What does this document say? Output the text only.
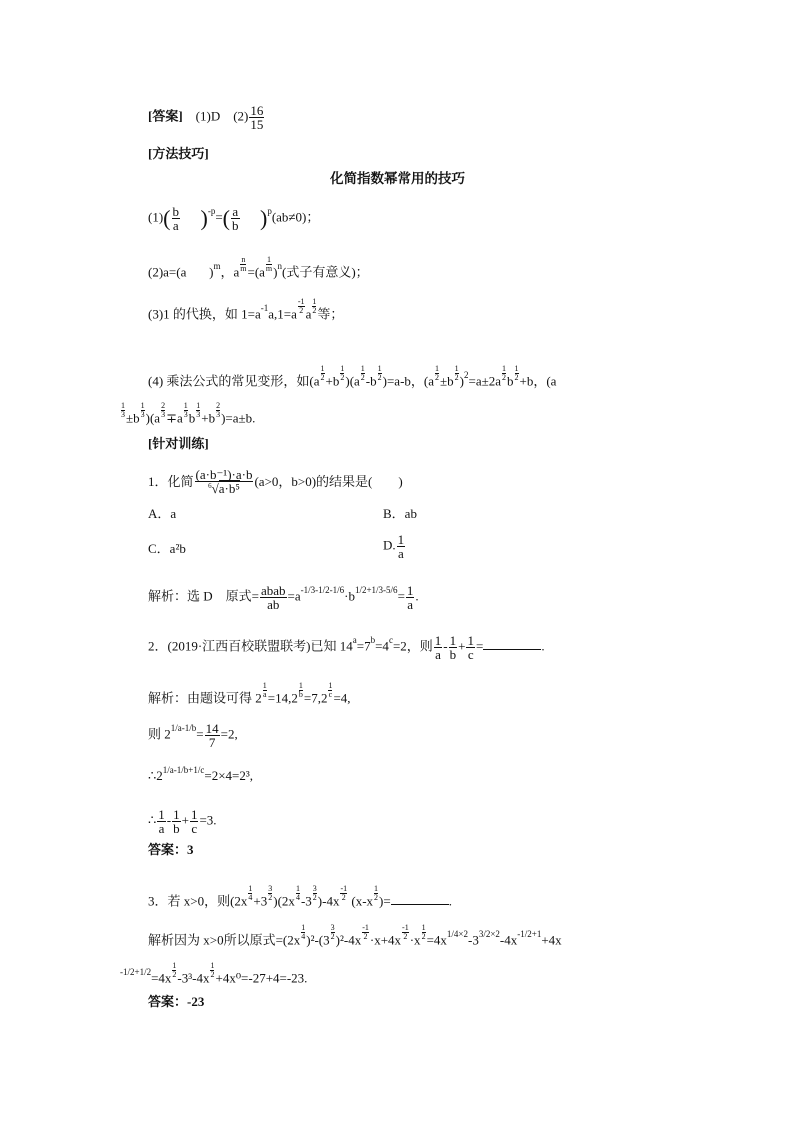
[答案] (1)D $(2) \frac{16}{15}$
[方法技巧]
化简指数幂常用的技巧
$(1)( \frac{b}{a} )^{-p}=( \frac{a}{b} )^p(ab\ne 0)$；
(2)a=(a )$^m$，a $\frac{n}{m} =(a \frac{1}{m} )^n$(式子有意义)；
(3)1 的代换，如 $1=a^{-1}a,1=a \frac{-1}{2}$ a $\frac{1}{2}$ 等；
(4) 乘法公式的常见变形，如$(a \frac{1}{2} +b \frac{1}{2} )(a \frac{1}{2} -b \frac{1}{2} )=a-b$，$(a \frac{1}{2} \pm b \frac{1}{2} )^2=a\pm 2a \frac{1}{2}$ b $\frac{1}{2} +b$，(a
$\frac{1}{3} \pm b \frac{1}{3} )(a \frac{2}{3} \mp a \frac{1}{3}$ b $\frac{1}{3} +b \frac{2}{3} )=a\pm b$.
[针对训练]
1．化简 $\frac{\text{(a·b⁻¹)·a·b}}{^6√a\cdot b^5} (a>0$，b>0)的结果是(　　)
A．a	B．ab
C．a²b	D. $\frac{1}{a}$
解析：选 D　原式= $\frac{\text{abab}}{ab} =a^{-1/3-1/2-1/6}\cdot b^{1/2+1/3-5/6}= \frac{1}{a}$ .
2．(2019·江西百校联盟联考)已知 $14^a=7^b=4^c=2$，则 $\frac{1}{a} - \frac{1}{b} + \frac{1}{c}$ =	.
解析：由题设可得 $2 \frac{1}{a} =14,2 \frac{1}{b} =7,2 \frac{1}{c} =4$,
则 $2^{1/a-1/b}= \frac{14}{7} =2$,
$\therefore 2^{1/a-1/b+1/c}=2\times 4=2^3$,
∴ $\frac{1}{a} - \frac{1}{b} + \frac{1}{c} =3$.
答案：3
3．若 x>0，则$(2x \frac{1}{4} +3 \frac{3}{2} )(2x \frac{1}{4} -3 \frac{3}{2} )-4x \frac{-1}{2} (x-x \frac{1}{2}$ )=	.
解析因为 x>0所以原式$=(2x \frac{1}{4} )^2-(3 \frac{3}{2} )^2-4x \frac{-1}{2} \cdot x+4x \frac{-1}{2} \cdot x \frac{1}{2} =4x^{1/4\times 2}-3^{3/2\times 2}-4x^{-1/2+1}+4x$
$^{-1/2+1/2}=4x \frac{1}{2} -3^3-4x \frac{1}{2} +4x^0=-27+4=-23$.
答案：-23
